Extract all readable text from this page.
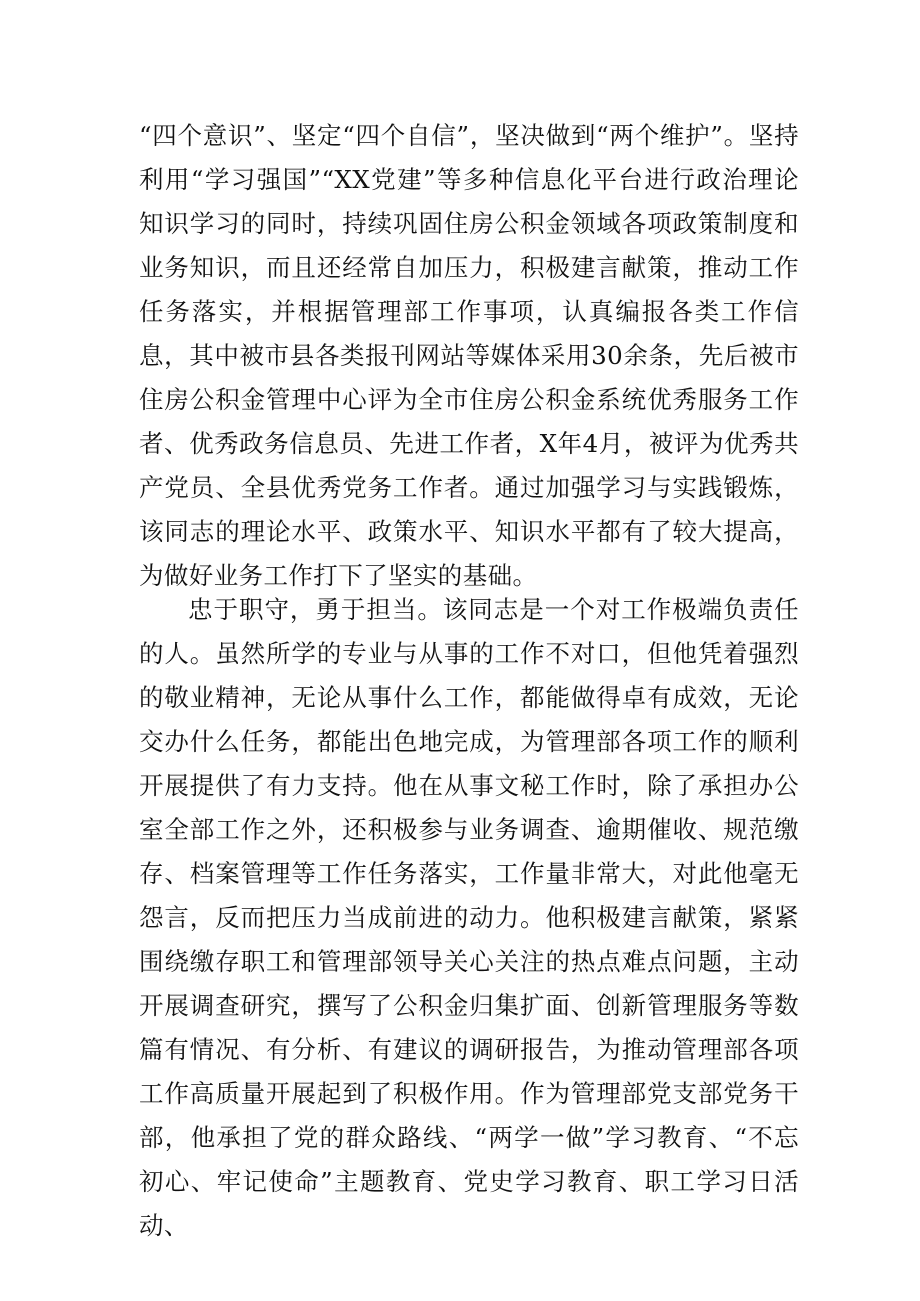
“四个意识”、坚定“四个自信”，坚决做到“两个维护”。坚持利用“学习强国”“XX党建”等多种信息化平台进行政治理论知识学习的同时，持续巩固住房公积金领域各项政策制度和业务知识，而且还经常自加压力，积极建言献策，推动工作任务落实，并根据管理部工作事项，认真编报各类工作信息，其中被市县各类报刊网站等媒体采用30余条，先后被市住房公积金管理中心评为全市住房公积金系统优秀服务工作者、优秀政务信息员、先进工作者，X年4月，被评为优秀共产党员、全县优秀党务工作者。通过加强学习与实践锻炼，该同志的理论水平、政策水平、知识水平都有了较大提高，为做好业务工作打下了坚实的基础。

忠于职守，勇于担当。该同志是一个对工作极端负责任的人。虽然所学的专业与从事的工作不对口，但他凭着强烈的敬业精神，无论从事什么工作，都能做得卓有成效，无论交办什么任务，都能出色地完成，为管理部各项工作的顺利开展提供了有力支持。他在从事文秘工作时，除了承担办公室全部工作之外，还积极参与业务调查、逾期催收、规范缴存、档案管理等工作任务落实，工作量非常大，对此他毫无怨言，反而把压力当成前进的动力。他积极建言献策，紧紧围绕缴存职工和管理部领导关心关注的热点难点问题，主动开展调查研究，撰写了公积金归集扩面、创新管理服务等数篇有情况、有分析、有建议的调研报告，为推动管理部各项工作高质量开展起到了积极作用。作为管理部党支部党务干部，他承担了党的群众路线、“两学一做”学习教育、“不忘初心、牢记使命”主题教育、党史学习教育、职工学习日活动、
